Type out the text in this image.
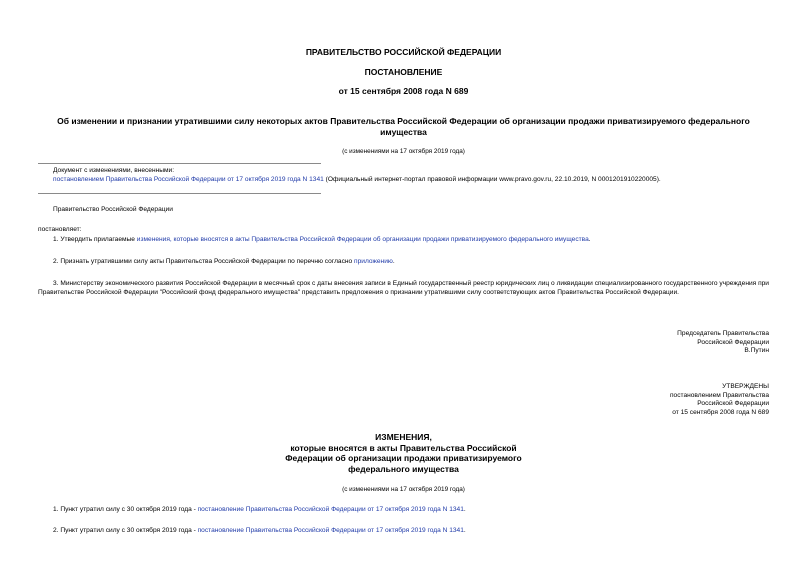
ПРАВИТЕЛЬСТВО РОССИЙСКОЙ ФЕДЕРАЦИИ
ПОСТАНОВЛЕНИЕ
от 15 сентября 2008 года N 689
Об изменении и признании утратившими силу некоторых актов Правительства Российской Федерации об организации продажи приватизируемого федерального имущества
(с изменениями на 17 октября 2019 года)
Документ с изменениями, внесенными:
постановлением Правительства Российской Федерации от 17 октября 2019 года N 1341 (Официальный интернет-портал правовой информации www.pravo.gov.ru, 22.10.2019, N 0001201910220005).
Правительство Российской Федерации
постановляет:
1. Утвердить прилагаемые изменения, которые вносятся в акты Правительства Российской Федерации об организации продажи приватизируемого федерального имущества.
2. Признать утратившими силу акты Правительства Российской Федерации по перечню согласно приложению.
3. Министерству экономического развития Российской Федерации в месячный срок с даты внесения записи в Единый государственный реестр юридических лиц о ликвидации специализированного государственного учреждения при Правительстве Российской Федерации "Российский фонд федерального имущества" представить предложения о признании утратившими силу соответствующих актов Правительства Российской Федерации.
Председатель Правительства
Российской Федерации
В.Путин
УТВЕРЖДЕНЫ
постановлением Правительства
Российской Федерации
от 15 сентября 2008 года N 689
ИЗМЕНЕНИЯ,
которые вносятся в акты Правительства Российской
Федерации об организации продажи приватизируемого
федерального имущества
(с изменениями на 17 октября 2019 года)
1. Пункт утратил силу с 30 октября 2019 года - постановление Правительства Российской Федерации от 17 октября 2019 года N 1341.
2. Пункт утратил силу с 30 октября 2019 года - постановление Правительства Российской Федерации от 17 октября 2019 года N 1341.
